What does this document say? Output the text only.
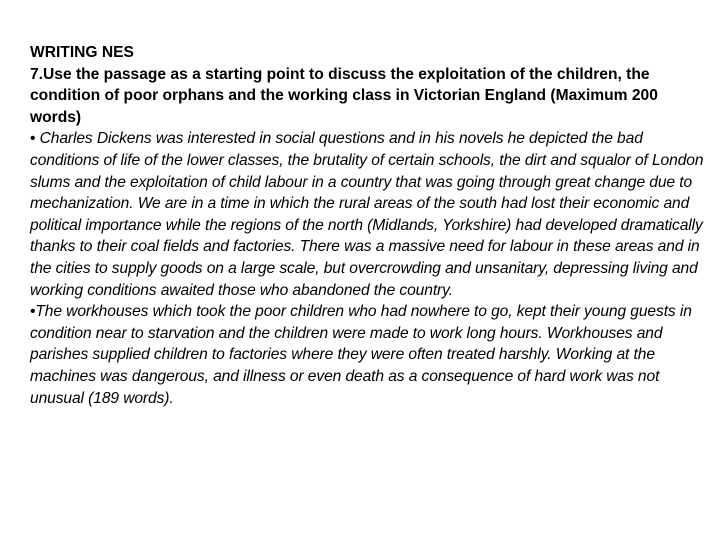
WRITING NES

7.Use the passage as a starting point to discuss the exploitation of the children, the condition of poor orphans and the working class in Victorian England (Maximum 200 words)

• Charles Dickens was interested in social questions and in his novels he depicted the bad conditions of life of the lower classes, the brutality of certain schools, the dirt and squalor of London slums and the exploitation of child labour in a country that was going through great change due to mechanization. We are in a time in which the rural areas of the south had lost their economic and political importance while the regions of the north (Midlands, Yorkshire) had developed dramatically thanks to their coal fields and factories. There was a massive need for labour in these areas and in the cities to supply goods on a large scale, but overcrowding and unsanitary, depressing living and working conditions awaited those who abandoned the country.

•The workhouses which took the poor children who had nowhere to go, kept their young guests in condition near to starvation and the children were made to work long hours. Workhouses and parishes supplied children to factories where they were often treated harshly. Working at the machines was dangerous, and illness or even death as a consequence of hard work was not unusual (189 words).
